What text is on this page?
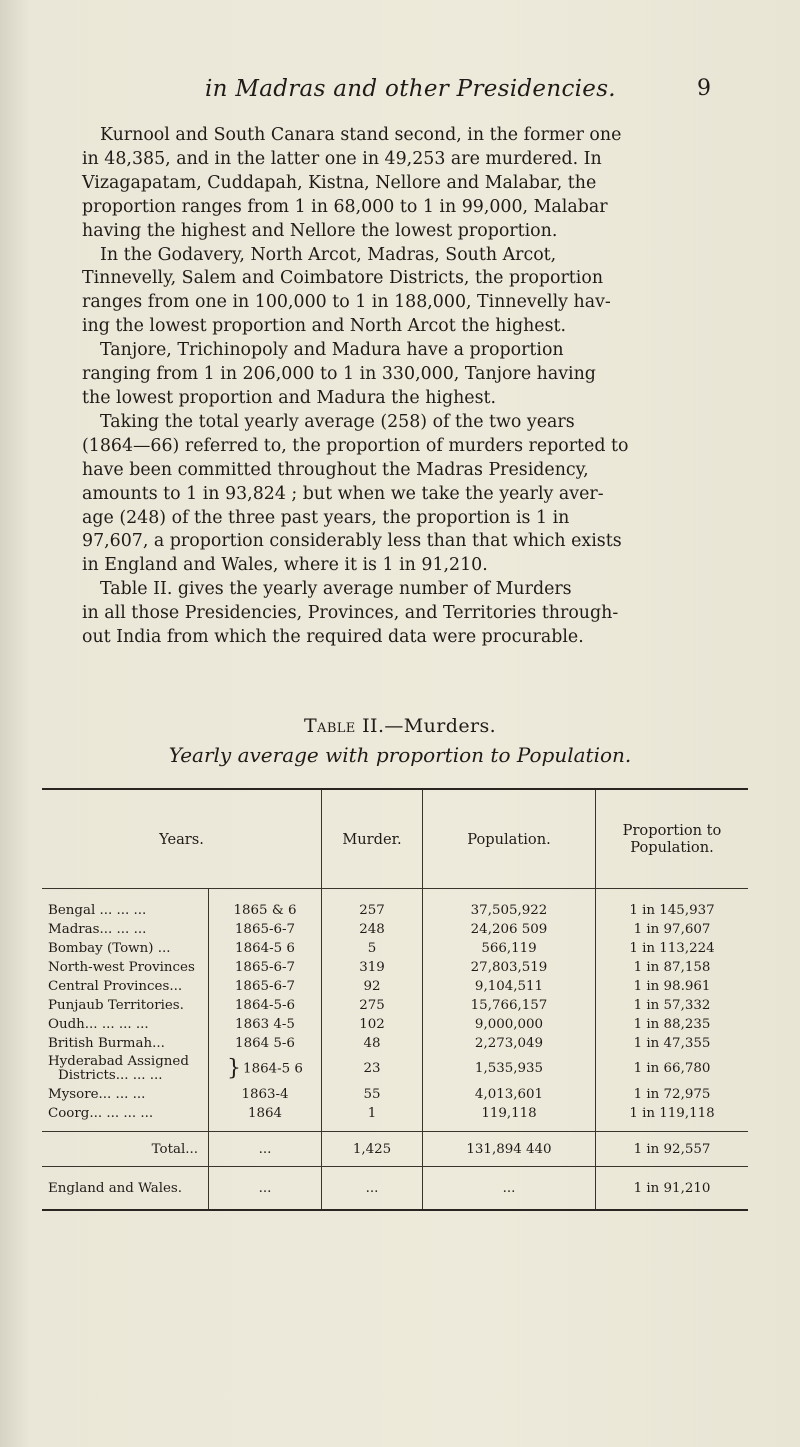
in Madras and other Presidencies.	9

Kurnool and South Canara stand second, in the former one
in 48,385, and in the latter one in 49,253 are murdered. In
Vizagapatam, Cuddapah, Kistna, Nellore and Malabar, the
proportion ranges from 1 in 68,000 to 1 in 99,000, Malabar
having the highest and Nellore the lowest proportion.
In the Godavery, North Arcot, Madras, South Arcot,
Tinnevelly, Salem and Coimbatore Districts, the proportion
ranges from one in 100,000 to 1 in 188,000, Tinnevelly hav-
ing the lowest proportion and North Arcot the highest.
Tanjore, Trichinopoly and Madura have a proportion
ranging from 1 in 206,000 to 1 in 330,000, Tanjore having
the lowest proportion and Madura the highest.

Taking the total yearly average (258) of the two years
(1864—66) referred to, the proportion of murders reported to
have been committed throughout the Madras Presidency,
amounts to 1 in 93,824 ; but when we take the yearly aver-
age (248) of the three past years, the proportion is 1 in
97,607, a proportion considerably less than that which exists
in England and Wales, where it is 1 in 91,210.

Table II. gives the yearly average number of Murders
in all those Presidencies, Provinces, and Territories through-
out India from which the required data were procurable.

Table II.—Murders.
Yearly average with proportion to Population.
Years.		Murder.	Population.	Proportion to Population.
Bengal ... ... ...	1865 & 6	257	37,505,922	1 in 145,937
Madras... ... ...	1865-6-7	248	24,206 509	1 in 97,607
Bombay (Town) ...	1864-5 6	5	566,119	1 in 113,224
North-west Provinces	1865-6-7	319	27,803,519	1 in 87,158
Central Provinces...	1865-6-7	92	9,104,511	1 in 98.961
Punjaub Territories.	1864-5-6	275	15,766,157	1 in 57,332
Oudh... ... ... ...	1863 4-5	102	9,000,000	1 in 88,235
British Burmah...	1864 5-6	48	2,273,049	1 in 47,355

Hyderabad Assigned
Districts... ... ...	} 1864-5 6	23	1,535,935	1 in 66,780
Mysore... ... ...	1863-4	55	4,013,601	1 in 72,975
Coorg... ... ... ...	1864	1	119,118	1 in 119,118
Total...	...	1,425	131,894 440	1 in 92,557
England and Wales.	...	...	...	1 in 91,210
